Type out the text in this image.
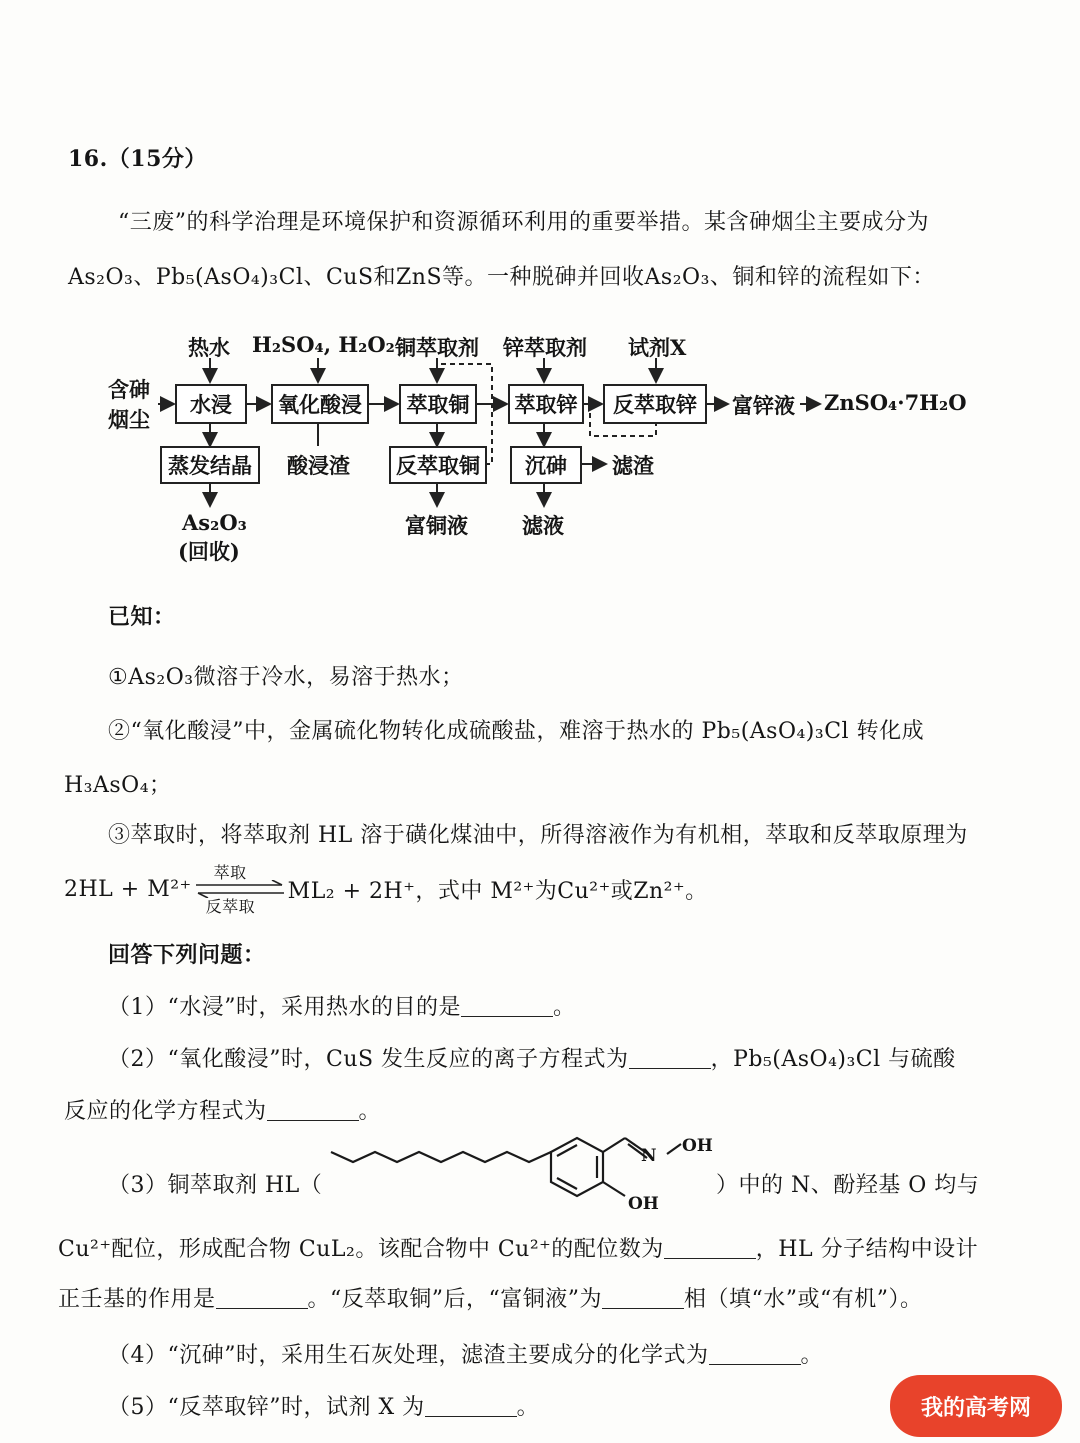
16.（15分）
“三废”的科学治理是环境保护和资源循环利用的重要举措。某含砷烟尘主要成分为
As₂O₃、Pb₅(AsO₄)₃Cl、CuS和ZnS等。一种脱砷并回收As₂O₃、铜和锌的流程如下：
热水 H₂SO₄, H₂O₂ 铜萃取剂 锌萃取剂 试剂X
含砷
烟尘
水浸	氧化酸浸	萃取铜	萃取锌	反萃取锌	富锌液 ZnSO₄·7H₂O
蒸发结晶	酸浸渣	反萃取铜	沉砷	滤渣
As₂O₃
(回收)
富铜液	滤液
已知：
①As₂O₃微溶于冷水，易溶于热水；
②“氧化酸浸”中，金属硫化物转化成硫酸盐，难溶于热水的 Pb₅(AsO₄)₃Cl 转化成
H₃AsO₄；
③萃取时，将萃取剂 HL 溶于磺化煤油中，所得溶液作为有机相，萃取和反萃取原理为
2HL + M²⁺
萃取
反萃取
ML₂ + 2H⁺，式中 M²⁺为Cu²⁺或Zn²⁺。
回答下列问题：
（1）“水浸”时，采用热水的目的是	。
（2）“氧化酸浸”时，CuS 发生反应的离子方程式为	，Pb₅(AsO₄)₃Cl 与硫酸
反应的化学方程式为	。
（3）铜萃取剂 HL（
N OH
OH
）中的 N、酚羟基 O 均与
Cu²⁺配位，形成配合物 CuL₂。该配合物中 Cu²⁺的配位数为	，HL 分子结构中设计
正壬基的作用是	。“反萃取铜”后，“富铜液”为	相（填“水”或“有机”）。
（4）“沉砷”时，采用生石灰处理，滤渣主要成分的化学式为	。
（5）“反萃取锌”时，试剂 X 为	。	我的高考网
